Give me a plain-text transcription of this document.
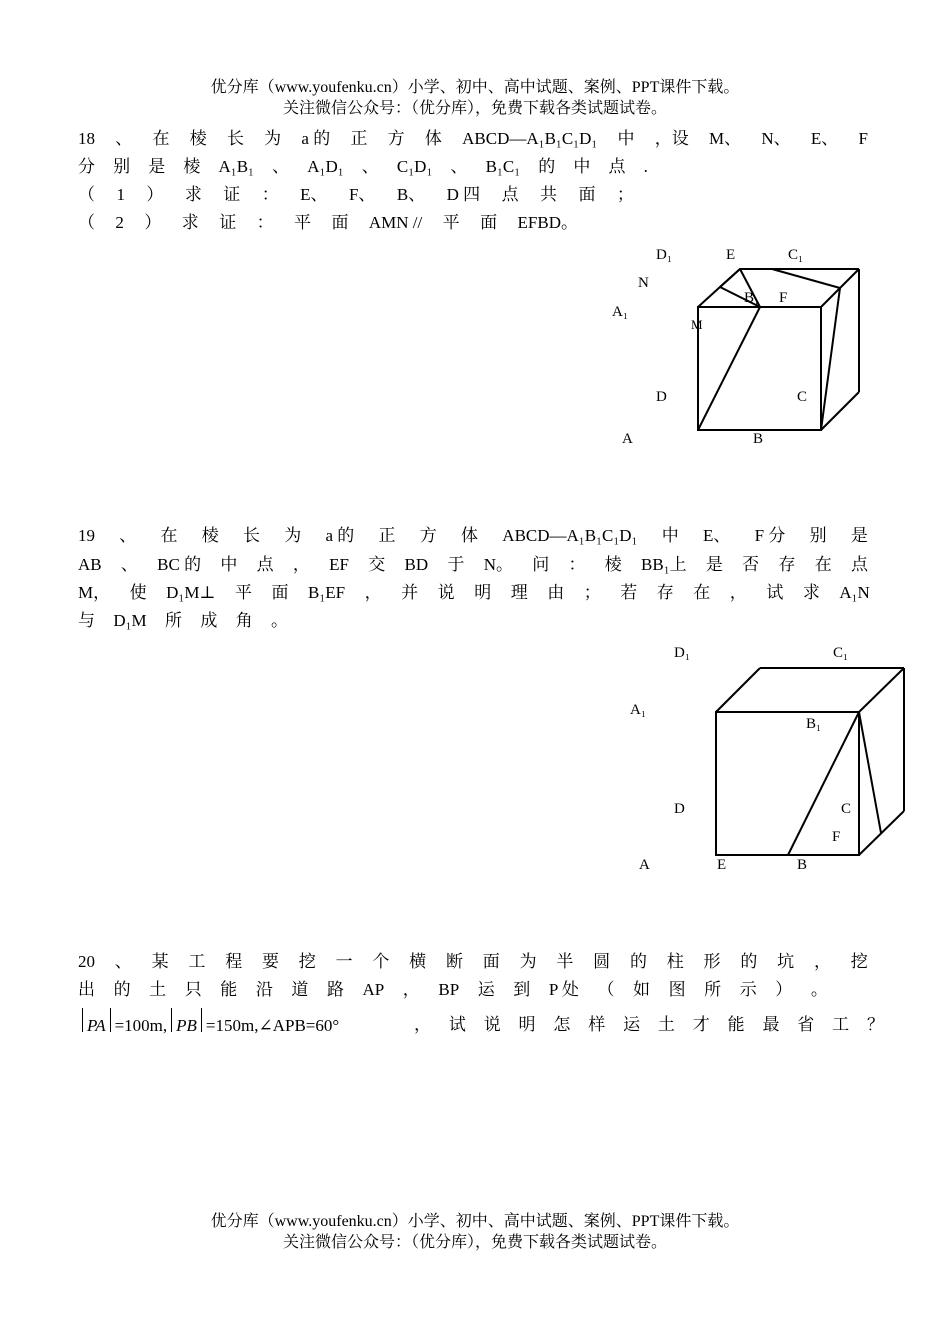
优分库（www.youfenku.cn）小学、初中、高中试题、案例、PPT课件下载。
关注微信公众号：（优分库），免费下载各类试题试卷。
18 、 在 棱 长 为 a 的 正 方 体 ABCD—A₁B₁C₁D₁ 中 ，设 M、 N、 E、 F
分 别 是 棱 A₁B₁ 、 A₁D₁ 、 C₁D₁ 、 B₁C₁ 的 中 点 .
（ 1 ） 求 证 ： E、 F、 B、 D 四 点 共 面 ；
（ 2 ） 求 证 ： 平 面 AMN // 平 面 EFBD。
D₁	E	C₁
N
B₁ F
A₁
M
D	C
A	B
19 、 在 棱 长 为 a 的 正 方 体 ABCD—A₁B₁C₁D₁ 中 E、 F 分 别 是
AB 、 BC 的 中 点 ， EF 交 BD 于 N。 问 ： 棱 BB₁上 是 否 存 在 点
M， 使 D₁M⊥ 平 面 B₁EF ， 并 说 明 理 由 ； 若 存 在 ， 试 求 A₁N
与 D₁M 所 成 角 。
D₁	C₁
A₁
B₁
D	C
F
A	E	B
20 、 某 工 程 要 挖 一 个 横 断 面 为 半 圆 的 柱 形 的 坑 ， 挖
出 的 土 只 能 沿 道 路 AP ， BP 运 到 P 处 （ 如 图 所 示 ） 。
PA =100m, PB =150m, ∠APB=60°	， 试 说 明 怎 样 运 土 才 能 最 省 工 ？
优分库（www.youfenku.cn）小学、初中、高中试题、案例、PPT课件下载。
关注微信公众号：（优分库），免费下载各类试题试卷。
